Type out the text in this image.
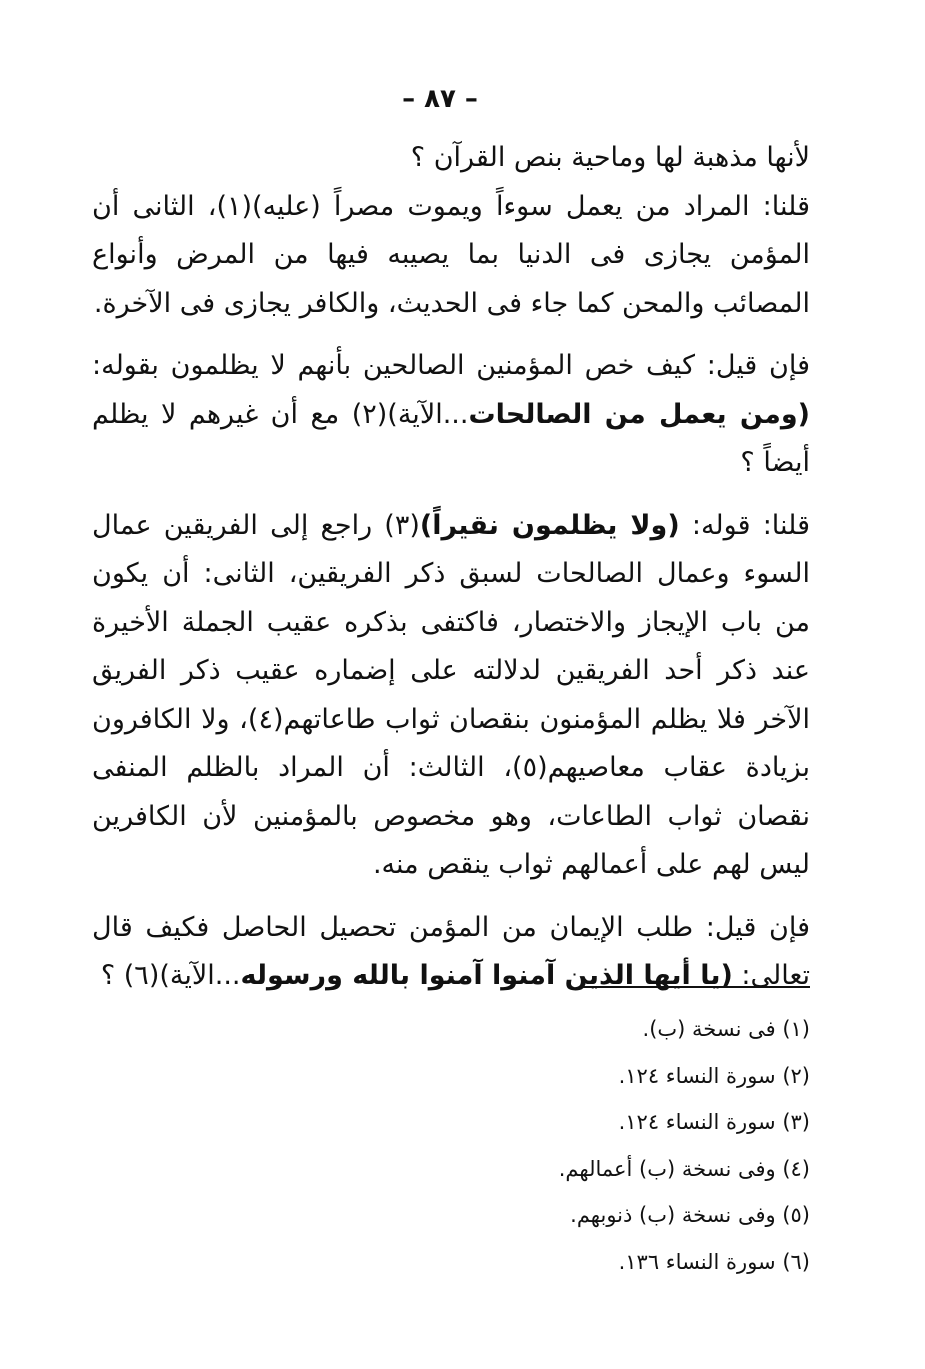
– ٨٧ –

لأنها مذهبة لها وماحية بنص القرآن ؟

قلنا: المراد من يعمل سوءاً ويموت مصراً (عليه)(١)، الثانى أن المؤمن يجازى فى الدنيا بما يصيبه فيها من المرض وأنواع المصائب والمحن كما جاء فى الحديث، والكافر يجازى فى الآخرة.

فإن قيل: كيف خص المؤمنين الصالحين بأنهم لا يظلمون بقوله: (ومن يعمل من الصالحات...الآية)(٢) مع أن غيرهم لا يظلم أيضاً ؟

قلنا: قوله: (ولا يظلمون نقيراً)(٣) راجع إلى الفريقين عمال السوء وعمال الصالحات لسبق ذكر الفريقين، الثانى: أن يكون من باب الإيجاز والاختصار، فاكتفى بذكره عقيب الجملة الأخيرة عند ذكر أحد الفريقين لدلالته على إضماره عقيب ذكر الفريق الآخر فلا يظلم المؤمنون بنقصان ثواب طاعاتهم(٤)، ولا الكافرون بزيادة عقاب معاصيهم(٥)، الثالث: أن المراد بالظلم المنفى نقصان ثواب الطاعات، وهو مخصوص بالمؤمنين لأن الكافرين ليس لهم على أعمالهم ثواب ينقص منه.

فإن قيل: طلب الإيمان من المؤمن تحصيل الحاصل فكيف قال تعالى: (يا أيها الذين آمنوا آمنوا بالله ورسوله...الآية)(٦) ؟

(١) فى نسخة (ب).
(٢) سورة النساء ١٢٤.
(٣) سورة النساء ١٢٤.
(٤) وفى نسخة (ب) أعمالهم.
(٥) وفى نسخة (ب) ذنوبهم.
(٦) سورة النساء ١٣٦.
